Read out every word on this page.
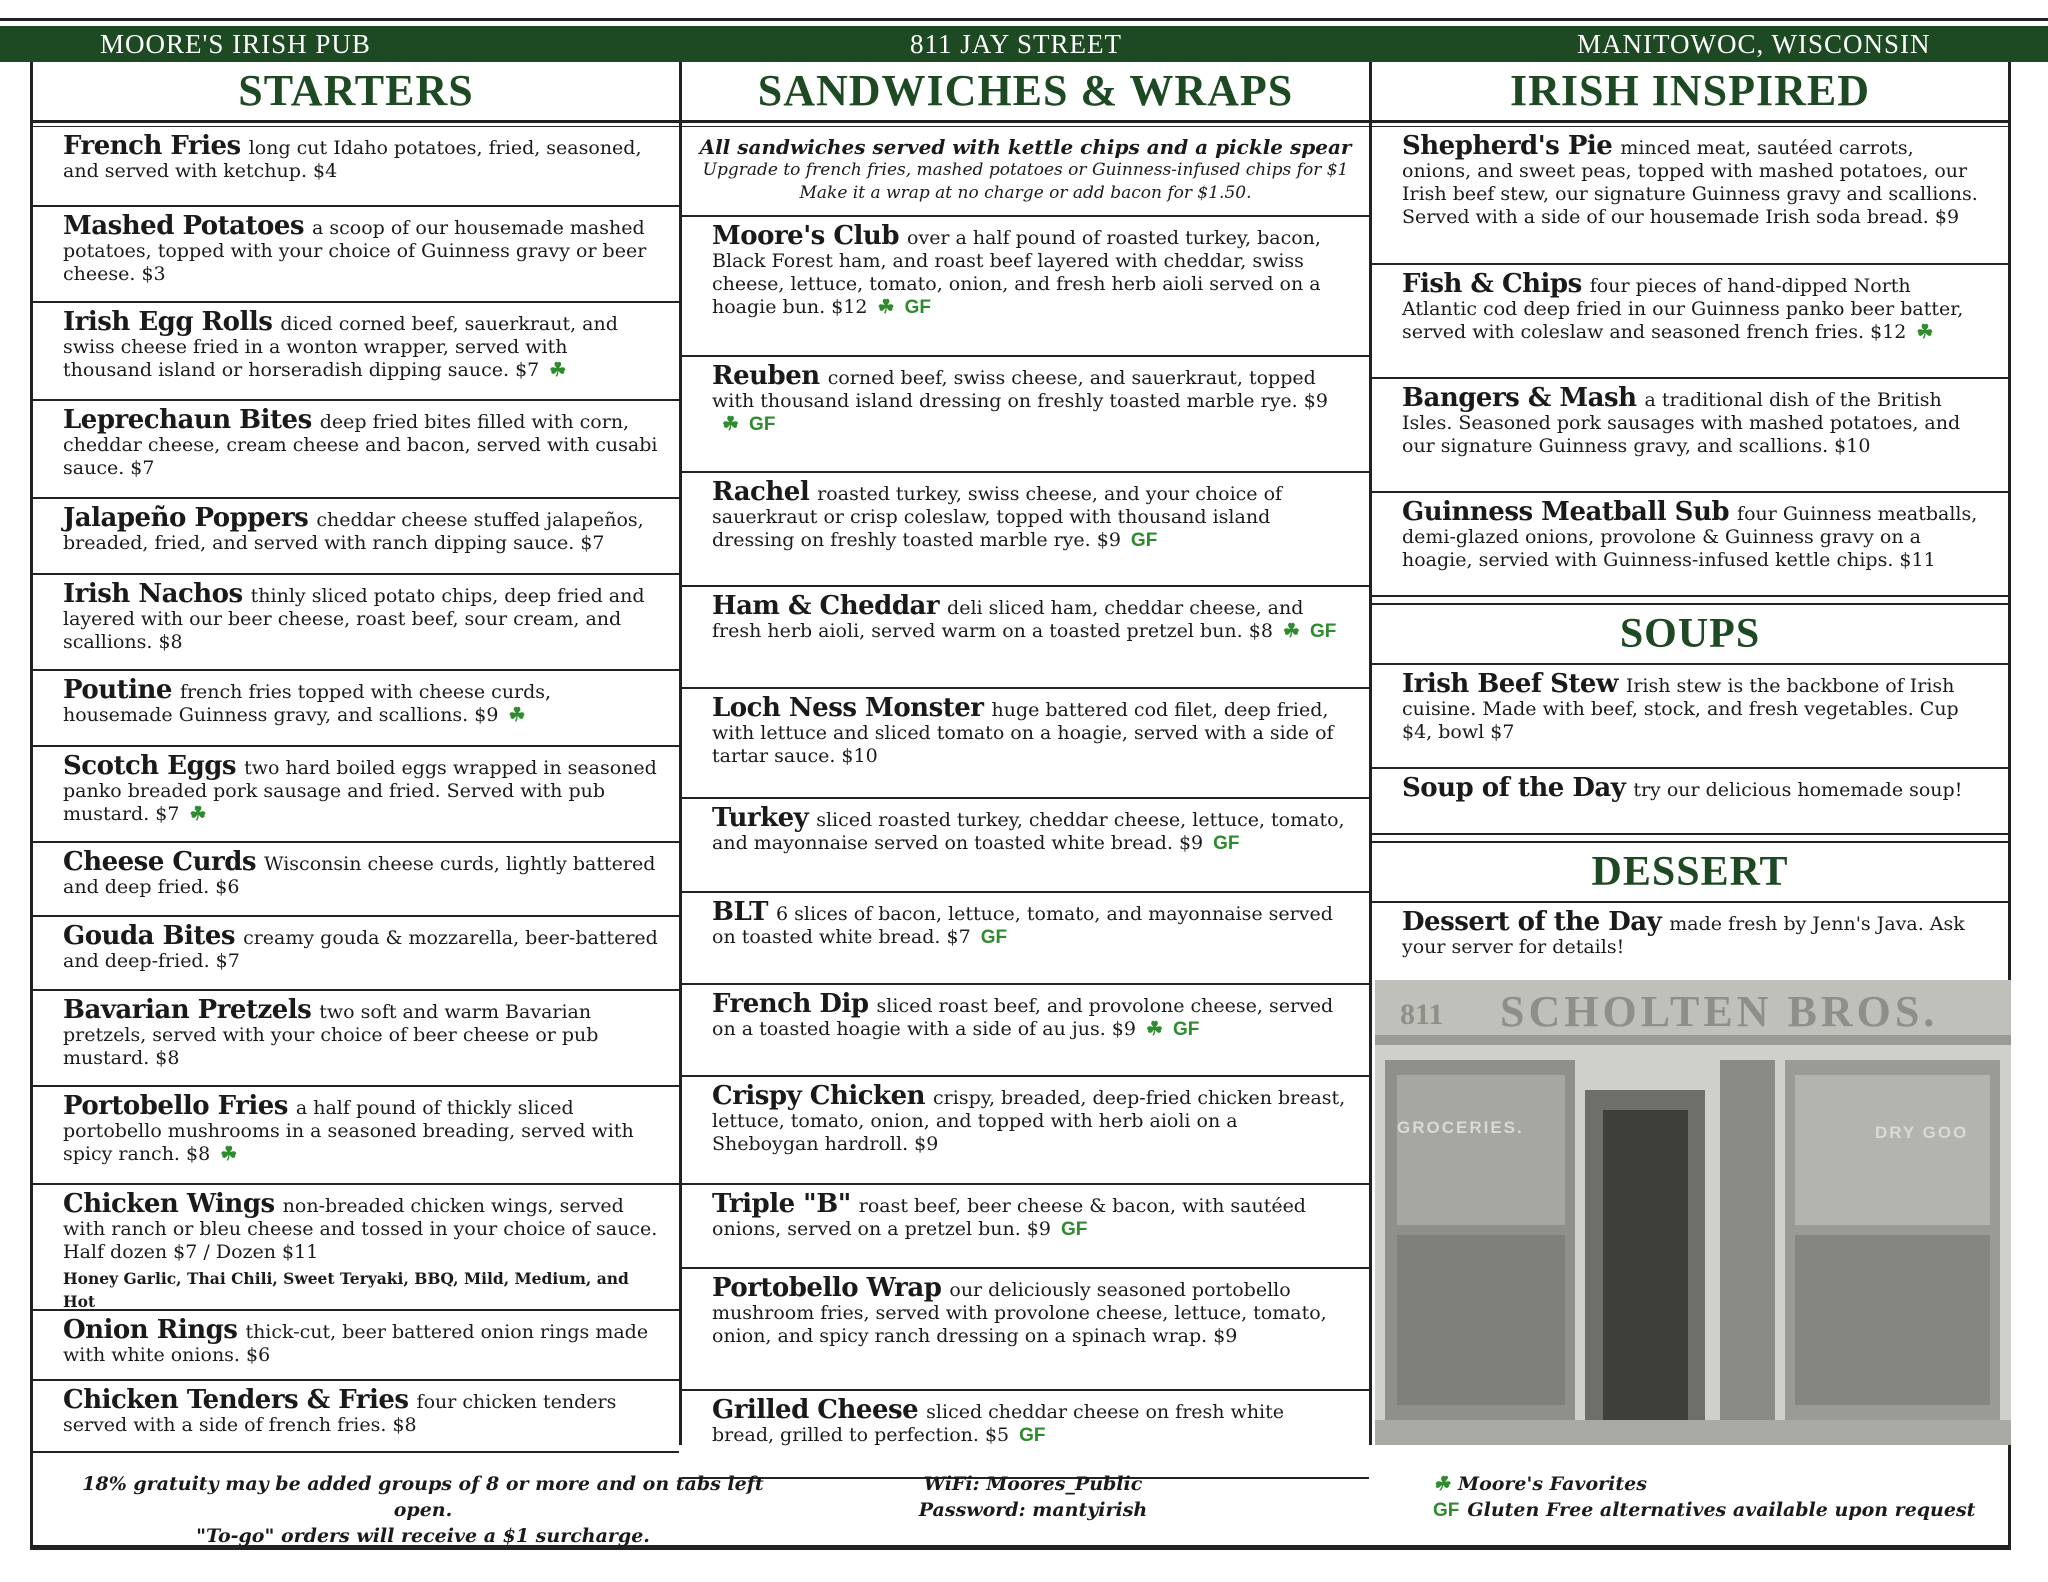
MOORE'S IRISH PUB	811 JAY STREET	MANITOWOC, WISCONSIN
STARTERS
French Fries long cut Idaho potatoes, fried, seasoned, and served with ketchup. $4
Mashed Potatoes a scoop of our housemade mashed potatoes, topped with your choice of Guinness gravy or beer cheese. $3
Irish Egg Rolls diced corned beef, sauerkraut, and swiss cheese fried in a wonton wrapper, served with thousand island or horseradish dipping sauce. $7 ☘
Leprechaun Bites deep fried bites filled with corn, cheddar cheese, cream cheese and bacon, served with cusabi sauce. $7
Jalapeño Poppers cheddar cheese stuffed jalapeños, breaded, fried, and served with ranch dipping sauce. $7
Irish Nachos thinly sliced potato chips, deep fried and layered with our beer cheese, roast beef, sour cream, and scallions. $8
Poutine french fries topped with cheese curds, housemade Guinness gravy, and scallions. $9 ☘
Scotch Eggs two hard boiled eggs wrapped in seasoned panko breaded pork sausage and fried. Served with pub mustard. $7 ☘
Cheese Curds Wisconsin cheese curds, lightly battered and deep fried. $6
Gouda Bites creamy gouda & mozzarella, beer-battered and deep-fried. $7
Bavarian Pretzels two soft and warm Bavarian pretzels, served with your choice of beer cheese or pub mustard. $8
Portobello Fries a half pound of thickly sliced portobello mushrooms in a seasoned breading, served with spicy ranch. $8 ☘
Chicken Wings non-breaded chicken wings, served with ranch or bleu cheese and tossed in your choice of sauce. Half dozen $7 / Dozen $11
Honey Garlic, Thai Chili, Sweet Teryaki, BBQ, Mild, Medium, and Hot
Onion Rings thick-cut, beer battered onion rings made with white onions. $6
Chicken Tenders & Fries four chicken tenders served with a side of french fries. $8
SANDWICHES & WRAPS
All sandwiches served with kettle chips and a pickle spear
Upgrade to french fries, mashed potatoes or Guinness-infused chips for $1
Make it a wrap at no charge or add bacon for $1.50.
Moore's Club over a half pound of roasted turkey, bacon, Black Forest ham, and roast beef layered with cheddar, swiss cheese, lettuce, tomato, onion, and fresh herb aioli served on a hoagie bun. $12 ☘ GF
Reuben corned beef, swiss cheese, and sauerkraut, topped with thousand island dressing on freshly toasted marble rye. $9☘ GF
Rachel roasted turkey, swiss cheese, and your choice of sauerkraut or crisp coleslaw, topped with thousand island dressing on freshly toasted marble rye. $9 GF
Ham & Cheddar deli sliced ham, cheddar cheese, and fresh herb aioli, served warm on a toasted pretzel bun. $8 ☘ GF
Loch Ness Monster huge battered cod filet, deep fried, with lettuce and sliced tomato on a hoagie, served with a side of tartar sauce. $10
Turkey sliced roasted turkey, cheddar cheese, lettuce, tomato, and mayonnaise served on toasted white bread. $9 GF
BLT 6 slices of bacon, lettuce, tomato, and mayonnaise served on toasted white bread. $7 GF
French Dip sliced roast beef, and provolone cheese, served on a toasted hoagie with a side of au jus. $9 ☘ GF
Crispy Chicken crispy, breaded, deep-fried chicken breast, lettuce, tomato, onion, and topped with herb aioli on a Sheboygan hardroll. $9
Triple "B" roast beef, beer cheese & bacon, with sautéed onions, served on a pretzel bun. $9 GF
Portobello Wrap our deliciously seasoned portobello mushroom fries, served with provolone cheese, lettuce, tomato, onion, and spicy ranch dressing on a spinach wrap. $9
Grilled Cheese sliced cheddar cheese on fresh white bread, grilled to perfection. $5 GF
IRISH INSPIRED
Shepherd's Pie minced meat, sautéed carrots, onions, and sweet peas, topped with mashed potatoes, our Irish beef stew, our signature Guinness gravy and scallions. Served with a side of our housemade Irish soda bread. $9
Fish & Chips four pieces of hand-dipped North Atlantic cod deep fried in our Guinness panko beer batter, served with coleslaw and seasoned french fries. $12 ☘
Bangers & Mash a traditional dish of the British Isles. Seasoned pork sausages with mashed potatoes, and our signature Guinness gravy, and scallions. $10
Guinness Meatball Sub four Guinness meatballs, demi-glazed onions, provolone & Guinness gravy on a hoagie, servied with Guinness-infused kettle chips. $11
SOUPS
Irish Beef Stew Irish stew is the backbone of Irish cuisine. Made with beef, stock, and fresh vegetables. Cup $4, bowl $7
Soup of the Day try our delicious homemade soup!
DESSERT
Dessert of the Day made fresh by Jenn's Java. Ask your server for details!
811 SCHOLTEN BROS.
GROCERIES.	DRY GOO
18% gratuity may be added groups of 8 or more and on tabs left open.
"To-go" orders will receive a $1 surcharge.
WiFi: Moores_Public
Password: mantyirish
☘ Moore's Favorites
GF Gluten Free alternatives available upon request
